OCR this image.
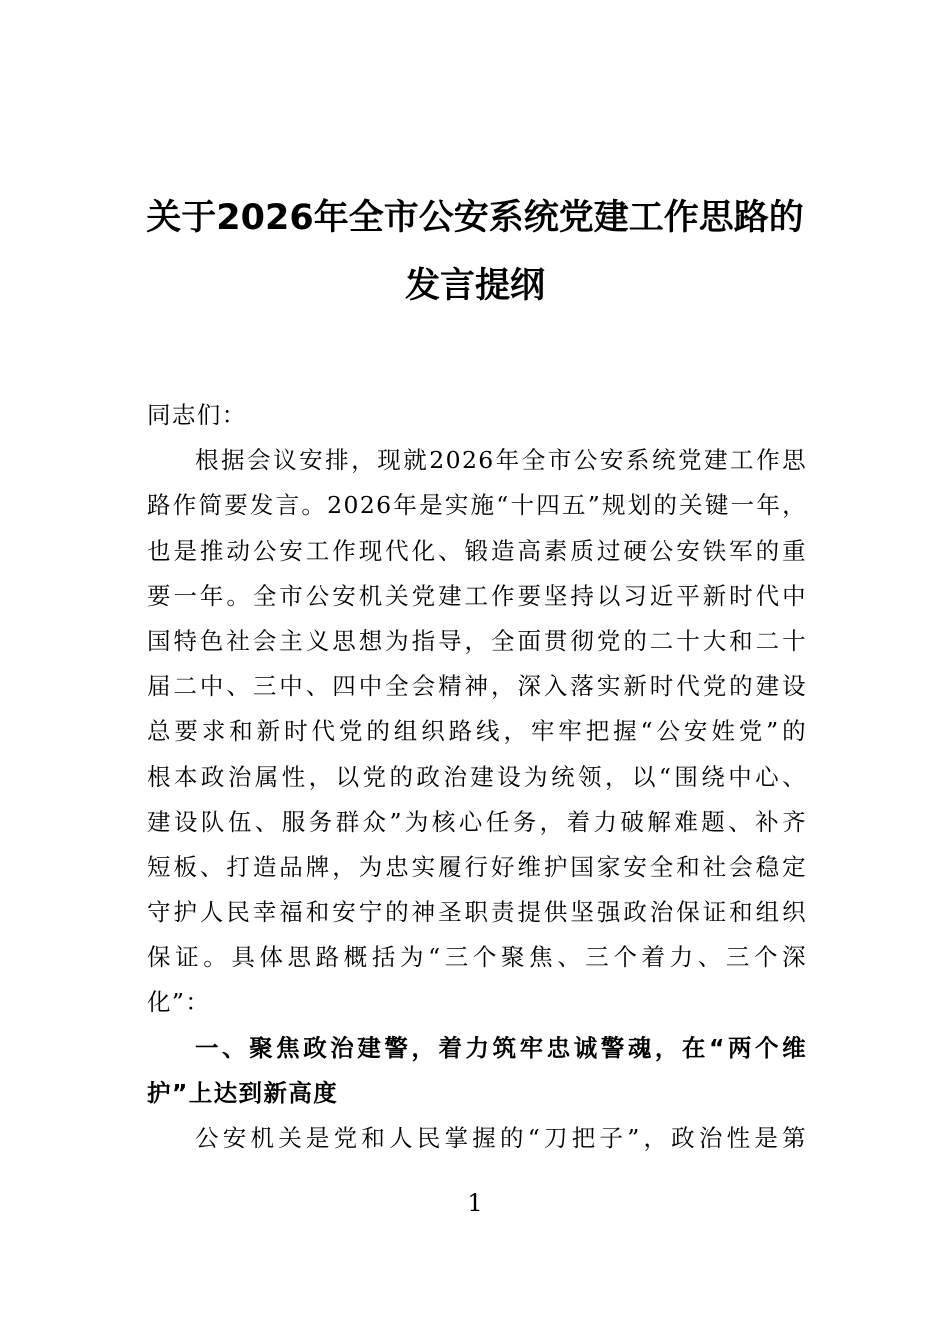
关于2026年全市公安系统党建工作思路的
发言提纲
同志们：
根据会议安排，现就2026年全市公安系统党建工作思
路作简要发言。2026年是实施“十四五”规划的关键一年，
也是推动公安工作现代化、锻造高素质过硬公安铁军的重
要一年。全市公安机关党建工作要坚持以习近平新时代中
国特色社会主义思想为指导，全面贯彻党的二十大和二十
届二中、三中、四中全会精神，深入落实新时代党的建设
总要求和新时代党的组织路线，牢牢把握“公安姓党”的
根本政治属性，以党的政治建设为统领，以“围绕中心、
建设队伍、服务群众”为核心任务，着力破解难题、补齐
短板、打造品牌，为忠实履行好维护国家安全和社会稳定
守护人民幸福和安宁的神圣职责提供坚强政治保证和组织
保证。具体思路概括为“三个聚焦、三个着力、三个深
化”：
一、聚焦政治建警，着力筑牢忠诚警魂，在“两个维
护”上达到新高度
公安机关是党和人民掌握的“刀把子”，政治性是第
1
